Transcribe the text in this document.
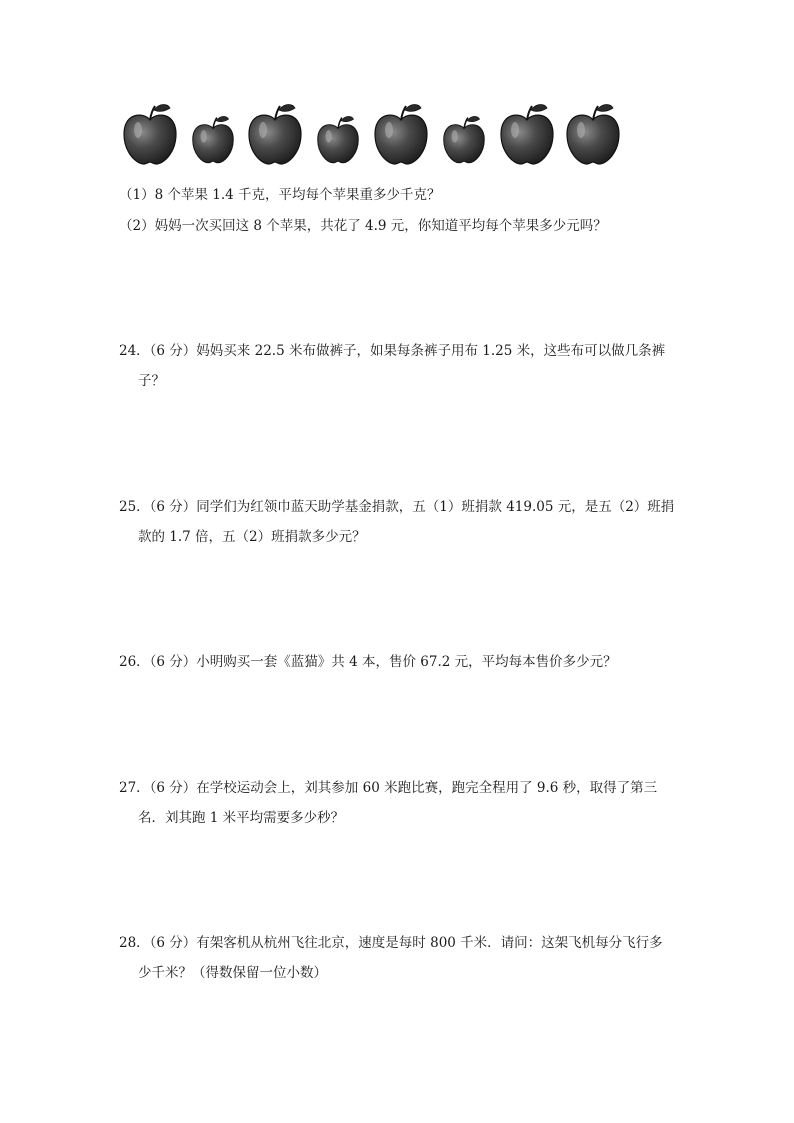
（1）8 个苹果 1.4 千克，平均每个苹果重多少千克？
（2）妈妈一次买回这 8 个苹果，共花了 4.9 元，你知道平均每个苹果多少元吗？
24．（6 分）妈妈买来 22.5 米布做裤子，如果每条裤子用布 1.25 米，这些布可以做几条裤
子？
25．（6 分）同学们为红领巾蓝天助学基金捐款，五（1）班捐款 419.05 元，是五（2）班捐
款的 1.7 倍，五（2）班捐款多少元？
26．（6 分）小明购买一套《蓝猫》共 4 本，售价 67.2 元，平均每本售价多少元？
27．（6 分）在学校运动会上，刘其参加 60 米跑比赛，跑完全程用了 9.6 秒，取得了第三
名．刘其跑 1 米平均需要多少秒？
28．（6 分）有架客机从杭州飞往北京，速度是每时 800 千米．请问：这架飞机每分飞行多
少千米？（得数保留一位小数）
